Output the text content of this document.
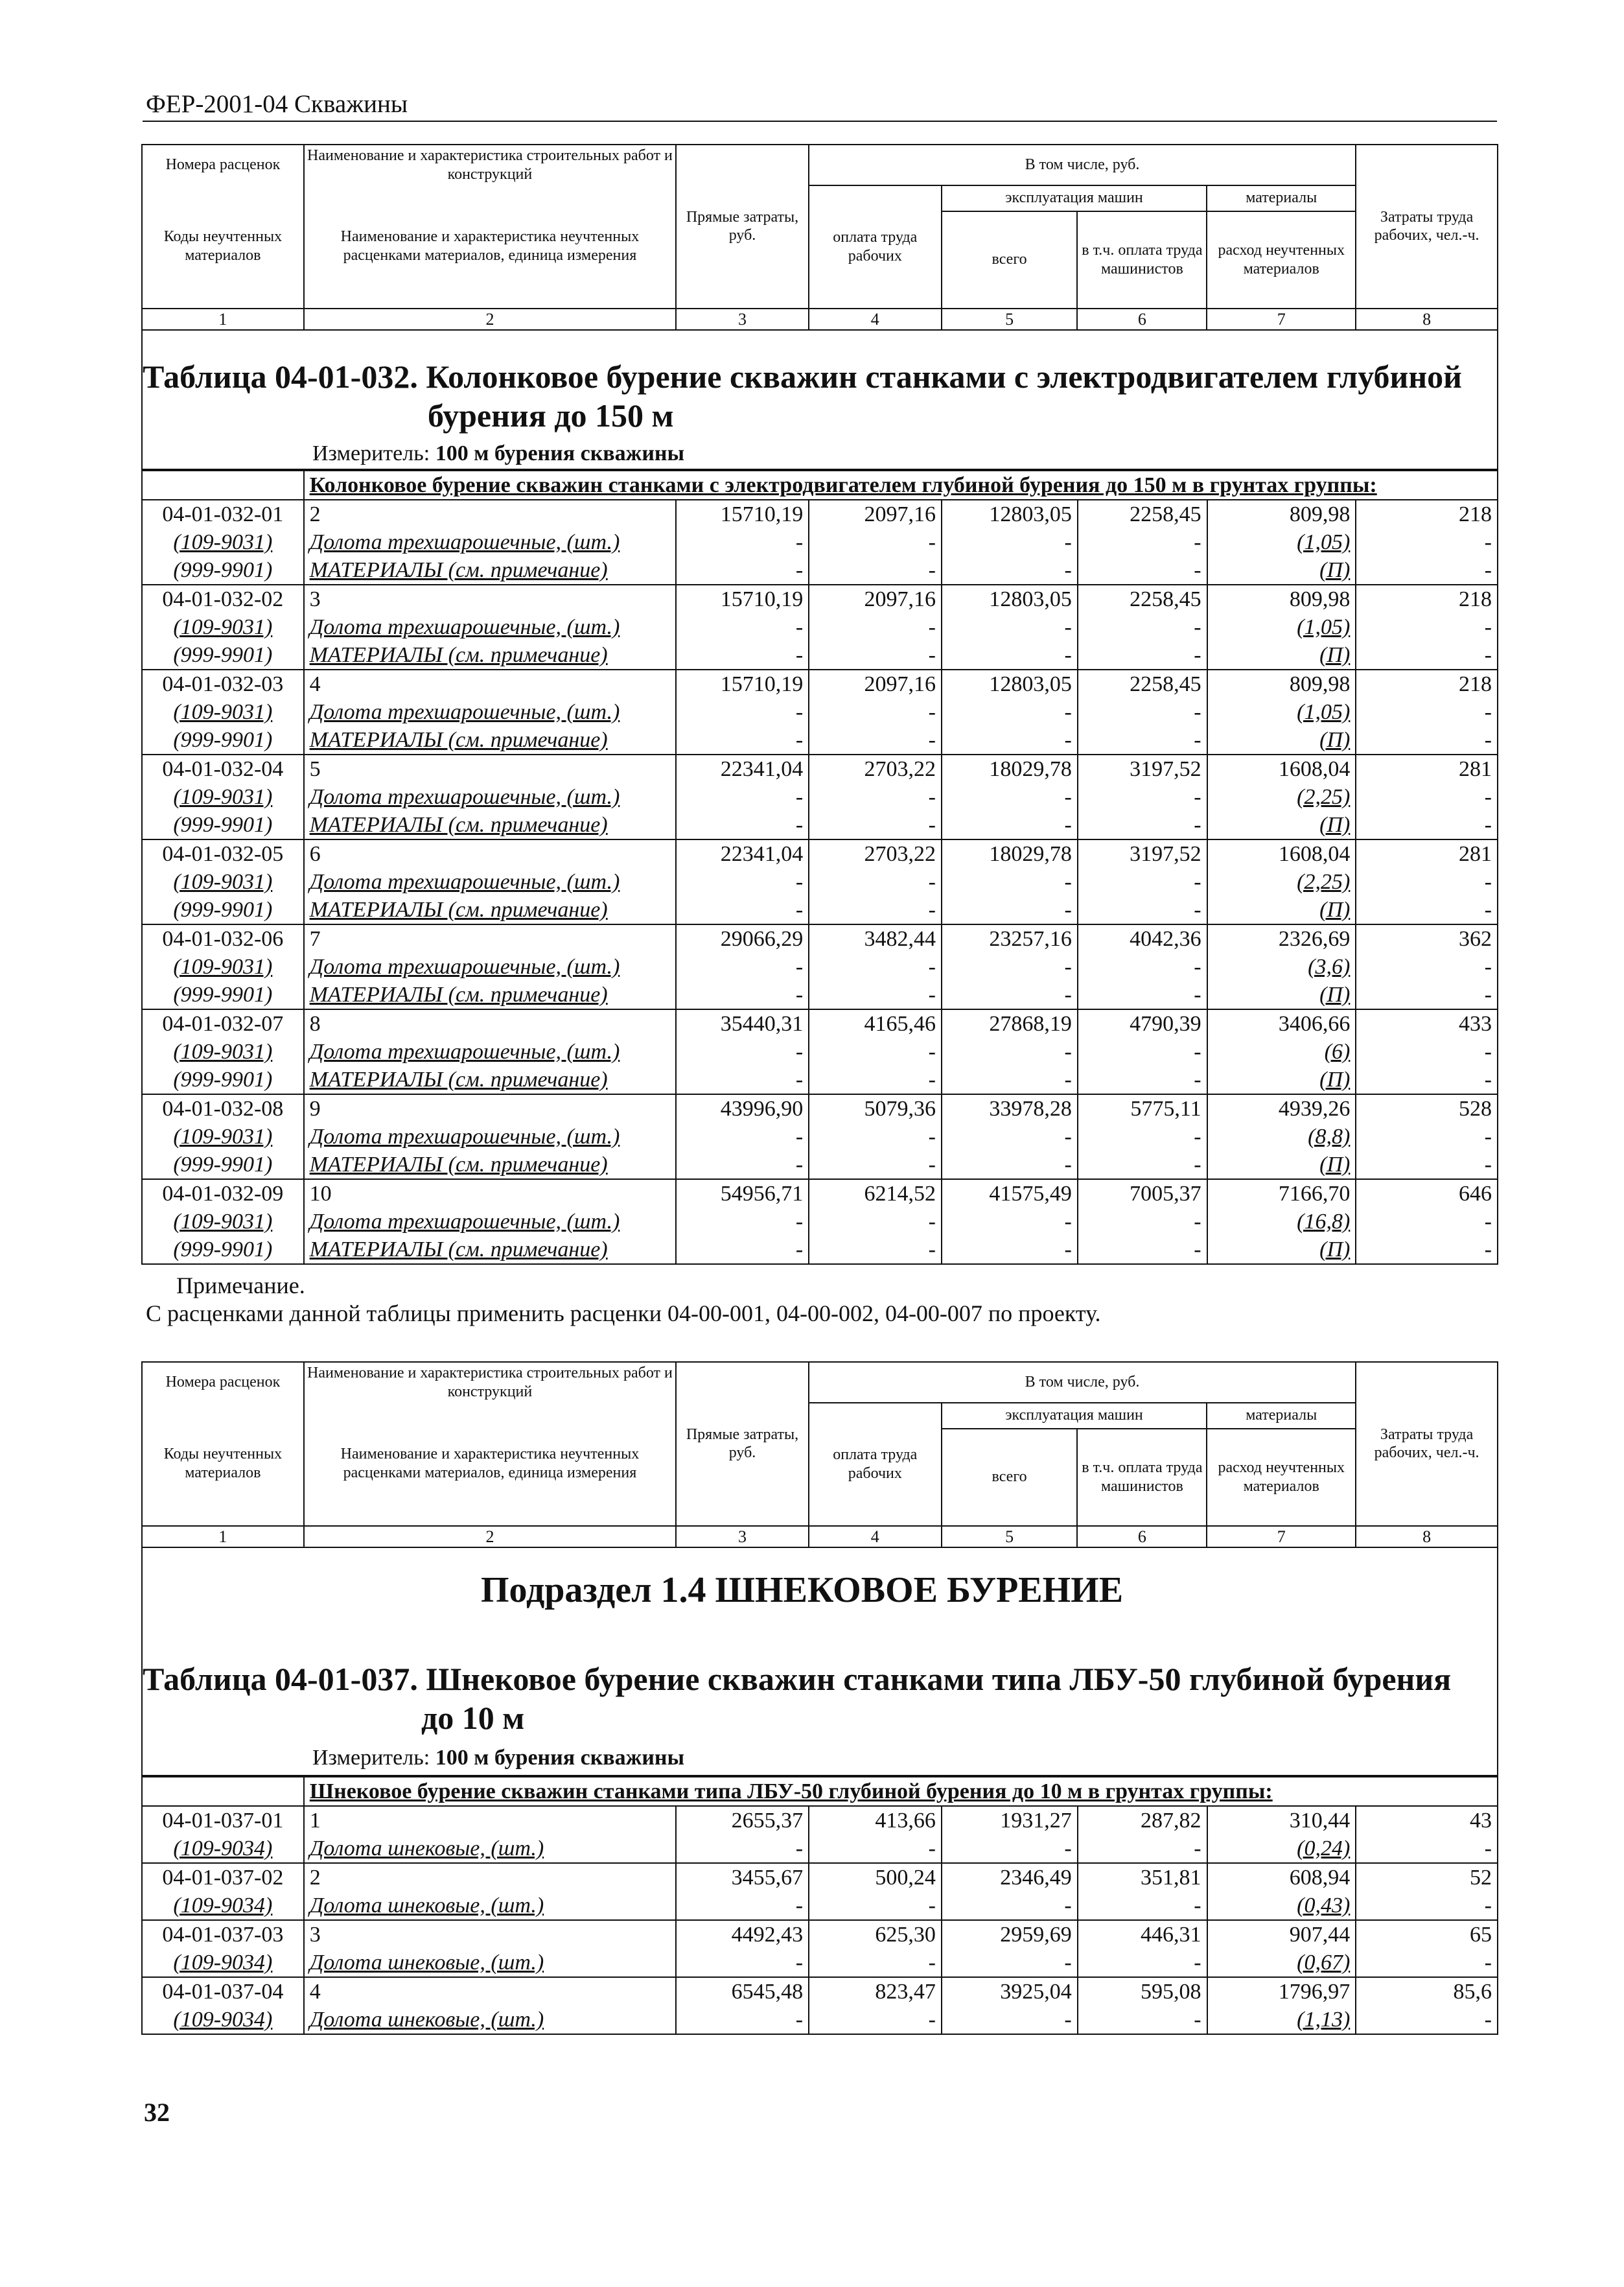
ФЕР-2001-04 Скважины
Номера расценок	Наименование и характеристика строительных работ и конструкций	Прямые затраты, руб.	В том числе, руб.				Затраты труда рабочих, чел.-ч.
Коды неучтенных материалов	Наименование и характеристика неучтенных расценками материалов, единица измерения		оплата труда рабочих	эксплуатация машин		материалы	
				всего	в т.ч. оплата труда машинистов	расход неучтенных материалов	
1	2	3	4	5	6	7	8
Таблица 04-01-032. Колонковое бурение скважин станками с электродвигателем глубиной
бурения до 150 м
Измеритель: 100 м бурения скважины
	Колонковое бурение скважин станками с электродвигателем глубиной бурения до 150 м в грунтах группы:						
04-01-032-01	2	15710,19	2097,16	12803,05	2258,45	809,98	218
(109-9031)	Долота трехшарошечные, (шт.)	-	-	-	-	(1,05)	-
(999-9901)	МАТЕРИАЛЫ (см. примечание)	-	-	-	-	(П)	-
04-01-032-02	3	15710,19	2097,16	12803,05	2258,45	809,98	218
(109-9031)	Долота трехшарошечные, (шт.)	-	-	-	-	(1,05)	-
(999-9901)	МАТЕРИАЛЫ (см. примечание)	-	-	-	-	(П)	-
04-01-032-03	4	15710,19	2097,16	12803,05	2258,45	809,98	218
(109-9031)	Долота трехшарошечные, (шт.)	-	-	-	-	(1,05)	-
(999-9901)	МАТЕРИАЛЫ (см. примечание)	-	-	-	-	(П)	-
04-01-032-04	5	22341,04	2703,22	18029,78	3197,52	1608,04	281
(109-9031)	Долота трехшарошечные, (шт.)	-	-	-	-	(2,25)	-
(999-9901)	МАТЕРИАЛЫ (см. примечание)	-	-	-	-	(П)	-
04-01-032-05	6	22341,04	2703,22	18029,78	3197,52	1608,04	281
(109-9031)	Долота трехшарошечные, (шт.)	-	-	-	-	(2,25)	-
(999-9901)	МАТЕРИАЛЫ (см. примечание)	-	-	-	-	(П)	-
04-01-032-06	7	29066,29	3482,44	23257,16	4042,36	2326,69	362
(109-9031)	Долота трехшарошечные, (шт.)	-	-	-	-	(3,6)	-
(999-9901)	МАТЕРИАЛЫ (см. примечание)	-	-	-	-	(П)	-
04-01-032-07	8	35440,31	4165,46	27868,19	4790,39	3406,66	433
(109-9031)	Долота трехшарошечные, (шт.)	-	-	-	-	(6)	-
(999-9901)	МАТЕРИАЛЫ (см. примечание)	-	-	-	-	(П)	-
04-01-032-08	9	43996,90	5079,36	33978,28	5775,11	4939,26	528
(109-9031)	Долота трехшарошечные, (шт.)	-	-	-	-	(8,8)	-
(999-9901)	МАТЕРИАЛЫ (см. примечание)	-	-	-	-	(П)	-
04-01-032-09	10	54956,71	6214,52	41575,49	7005,37	7166,70	646
(109-9031)	Долота трехшарошечные, (шт.)	-	-	-	-	(16,8)	-
(999-9901)	МАТЕРИАЛЫ (см. примечание)	-	-	-	-	(П)	-
Примечание.
С расценками данной таблицы применить расценки 04-00-001, 04-00-002, 04-00-007 по проекту.
Номера расценок	Наименование и характеристика строительных работ и конструкций	Прямые затраты, руб.	В том числе, руб.				Затраты труда рабочих, чел.-ч.
Коды неучтенных материалов	Наименование и характеристика неучтенных расценками материалов, единица измерения		оплата труда рабочих	эксплуатация машин		материалы	
				всего	в т.ч. оплата труда машинистов	расход неучтенных материалов	
1	2	3	4	5	6	7	8
Подраздел 1.4 ШНЕКОВОЕ БУРЕНИЕ
Таблица 04-01-037. Шнековое бурение скважин станками типа ЛБУ-50 глубиной бурения
до 10 м
Измеритель: 100 м бурения скважины
	Шнековое бурение скважин станками типа ЛБУ-50 глубиной бурения до 10 м в грунтах группы:						
04-01-037-01	1	2655,37	413,66	1931,27	287,82	310,44	43
(109-9034)	Долота шнековые, (шт.)	-	-	-	-	(0,24)	-
04-01-037-02	2	3455,67	500,24	2346,49	351,81	608,94	52
(109-9034)	Долота шнековые, (шт.)	-	-	-	-	(0,43)	-
04-01-037-03	3	4492,43	625,30	2959,69	446,31	907,44	65
(109-9034)	Долота шнековые, (шт.)	-	-	-	-	(0,67)	-
04-01-037-04	4	6545,48	823,47	3925,04	595,08	1796,97	85,6
(109-9034)	Долота шнековые, (шт.)	-	-	-	-	(1,13)	-
32
